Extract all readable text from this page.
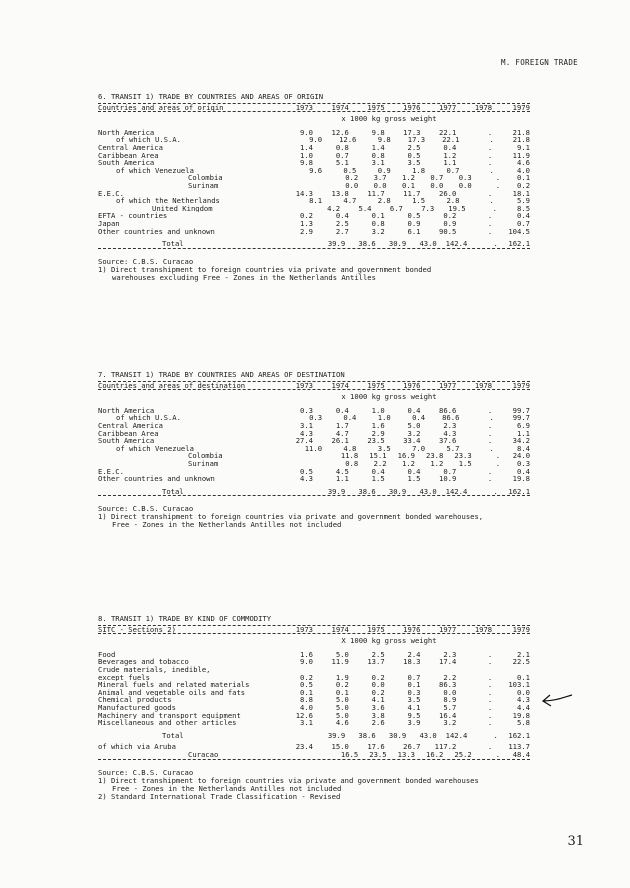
M. FOREIGN TRADE
6. TRANSIT 1) TRADE BY COUNTRIES AND AREAS OF ORIGIN
Countries and areas of origin	1973	1974	1975	1976	1977	1978	1979
x 1000 kg gross weight
North America	9.0	12.6	9.8	17.3	22.1	.	21.8
of which U.S.A.	9.0	12.6	9.8	17.3	22.1	.	21.8
Central America	1.4	0.8	1.4	2.5	0.4	.	9.1
Caribbean Area	1.0	0.7	0.8	0.5	1.2	.	11.9
South America	9.8	5.1	3.1	3.5	1.1	.	4.6
of which Venezuela	9.6	0.5	0.9	1.8	0.7	.	4.0
Colombia	0.2	3.7	1.2	0.7	0.3	.	0.1
Surinam	0.0	0.0	0.1	0.0	0.0	.	0.2
E.E.C.	14.3	13.8	11.7	11.7	26.0	.	18.1
of which the Netherlands	8.1	4.7	2.8	1.5	2.8	.	5.9
United Kingdom	4.2	5.4	6.7	7.3	19.5	.	8.5
EFTA - countries	0.2	0.4	0.1	0.5	0.2	.	0.4
Japan	1.3	2.5	0.8	0.9	0.9	.	0.7
Other countries and unknown	2.9	2.7	3.2	6.1	90.5	.	104.5
Total	39.9	38.6	30.9	43.0	142.4	.	162.1
Source: C.B.S. Curacao
1) Direct transhipment to foreign countries via private and government bonded
warehouses excluding Free - Zones in the Netherlands Antilles
7. TRANSIT 1) TRADE BY COUNTRIES AND AREAS OF DESTINATION
Countries and areas of destination	1973	1974	1975	1976	1977	1978	1979
x 1000 kg gross weight
North America	0.3	0.4	1.0	0.4	86.6	.	99.7
of which U.S.A.	0.3	0.4	1.0	0.4	86.6	.	99.7
Central America	3.1	1.7	1.6	5.0	2.3	.	6.9
Caribbean Area	4.3	4.7	2.9	3.2	4.3	.	1.1
South America	27.4	26.1	23.5	33.4	37.6	.	34.2
of which Venezuela	11.0	4.8	3.5	7.0	5.7	.	8.4
Colombia	11.8	15.1	16.9	23.8	23.3	.	24.0
Surinam	0.8	2.2	1.2	1.2	1.5	.	0.3
E.E.C.	0.5	4.5	0.4	0.4	0.7	.	0.4
Other countries and unknown	4.3	1.1	1.5	1.5	10.9	.	19.8
Total	39.9	38.6	30.9	43.0	142.4	.	162.1
Source: C.B.S. Curacao
1) Direct transhipment to foreign countries via private and government bonded warehouses,
Free - Zones in the Netherlands Antilles not included
8. TRANSIT 1) TRADE BY KIND OF COMMODITY
SITC - Sections 2)	1973	1974	1975	1976	1977	1978	1979
X 1000 kg gross weight
Food	1.6	5.0	2.5	2.4	2.3	.	2.1
Beverages and tobacco	9.0	11.9	13.7	18.3	17.4	.	22.5
Crude materials, inedible,
except fuels	0.2	1.9	0.2	0.7	2.2	.	0.1
Mineral fuels and related materials	0.5	0.2	0.0	0.1	86.3	.	103.1
Animal and vegetable oils and fats	0.1	0.1	0.2	0.3	0.0	.	0.0
Chemical products	8.8	5.0	4.1	3.5	8.9	.	4.3
Manufactured goods	4.0	5.0	3.6	4.1	5.7	.	4.4
Machinery and transport equipment	12.6	5.0	3.8	9.5	16.4	.	19.8
Miscellaneous and other articles	3.1	4.6	2.6	3.9	3.2	.	5.8
Total	39.9	38.6	30.9	43.0	142.4	.	162.1
of which via Aruba	23.4	15.0	17.6	26.7	117.2	.	113.7
Curacao	16.5	23.5	13.3	16.2	25.2	.	48.4
Source: C.B.S. Curacao
1) Direct transhipment to foreign countries via private and government bonded warehouses
Free - Zones in the Netherlands Antilles not included
2) Standard International Trade Classification - Revised
31
